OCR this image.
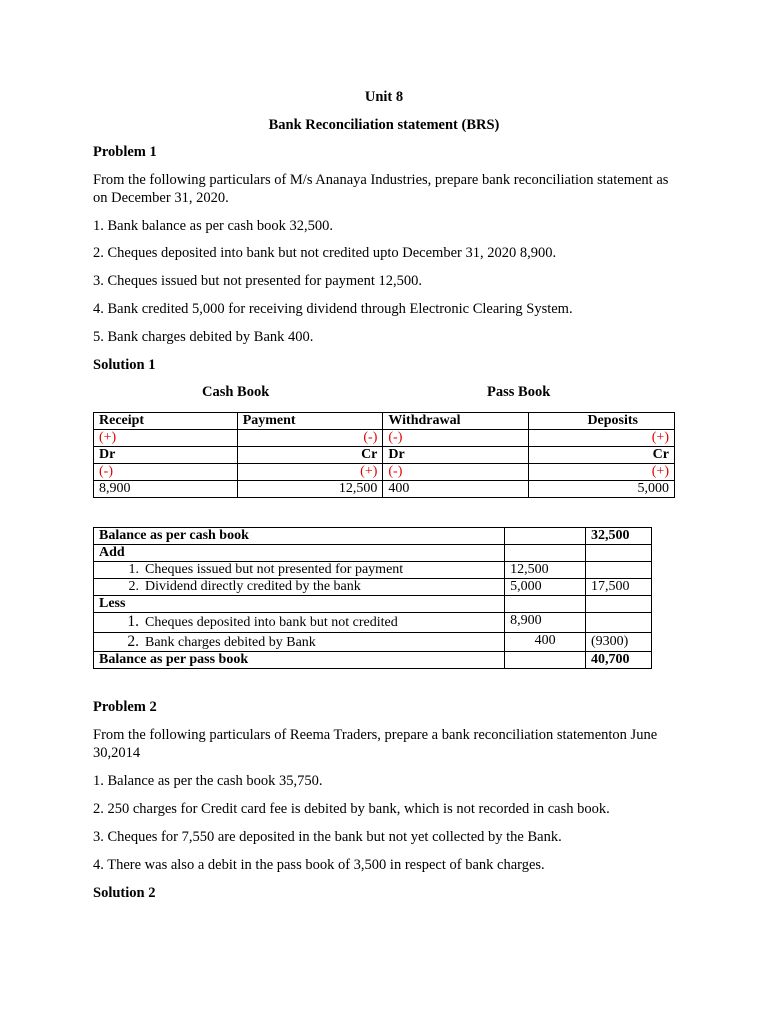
Unit 8
Bank Reconciliation statement (BRS)
Problem 1
From the following particulars of M/s Ananaya Industries, prepare bank reconciliation statement as on December 31, 2020.
1. Bank balance as per cash book 32,500.
2. Cheques deposited into bank but not credited upto December 31, 2020 8,900.
3. Cheques issued but not presented for payment 12,500.
4. Bank credited 5,000 for receiving dividend through Electronic Clearing System.
5. Bank charges debited by Bank 400.
Solution 1
Cash Book	Pass Book
Receipt	Payment	Withdrawal	Deposits
(+)	(-)	(-)	(+)
Dr	Cr	Dr	Cr
(-)	(+)	(-)	(+)
8,900	12,500	400	5,000
Balance as per cash book		32,500
Add		
1. Cheques issued but not presented for payment	12,500	
2. Dividend directly credited by the bank	5,000	17,500
Less		
1. Cheques deposited into bank but not credited	8,900	
2. Bank charges debited by Bank	400	(9300)
Balance as per pass book		40,700
Problem 2
From the following particulars of Reema Traders, prepare a bank reconciliation statementon June 30,2014
1. Balance as per the cash book 35,750.
2. 250 charges for Credit card fee is debited by bank, which is not recorded in cash book.
3. Cheques for 7,550 are deposited in the bank but not yet collected by the Bank.
4. There was also a debit in the pass book of 3,500 in respect of bank charges.
Solution 2
